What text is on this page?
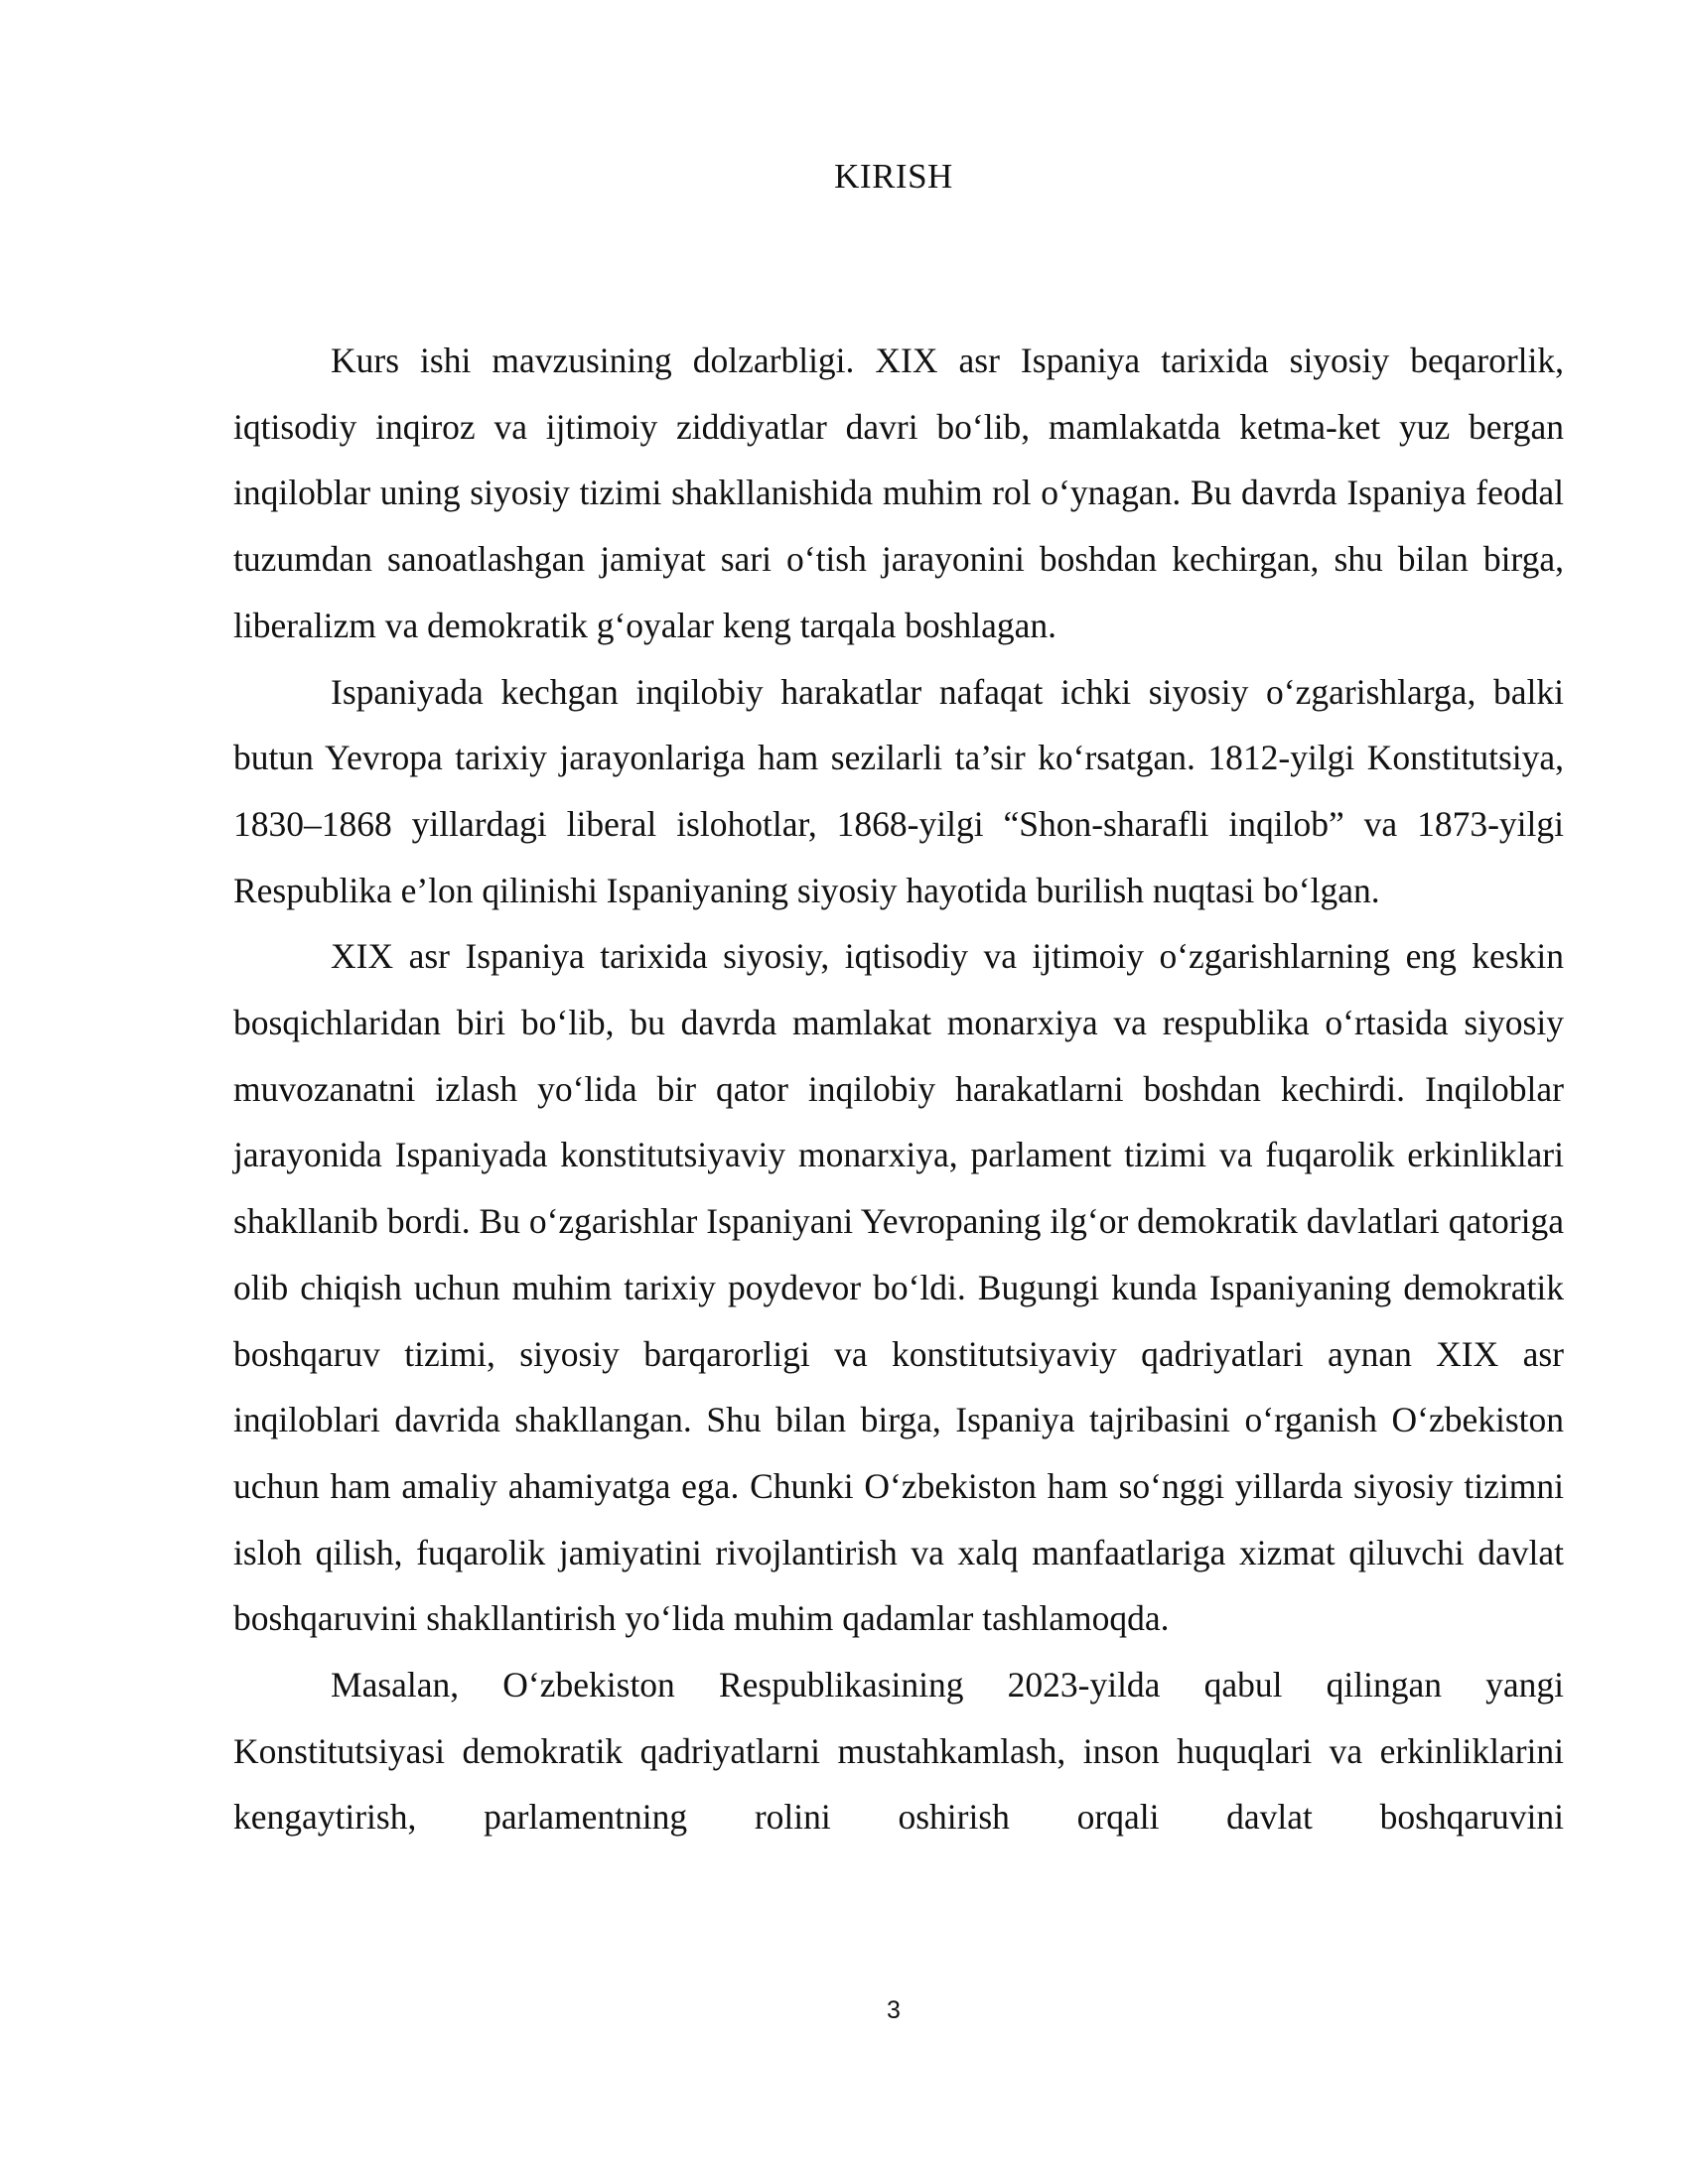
KIRISH

Kurs ishi mavzusining dolzarbligi. XIX asr Ispaniya tarixida siyosiy beqarorlik, iqtisodiy inqiroz va ijtimoiy ziddiyatlar davri bo‘lib, mamlakatda ketma-ket yuz bergan inqiloblar uning siyosiy tizimi shakllanishida muhim rol o‘ynagan. Bu davrda Ispaniya feodal tuzumdan sanoatlashgan jamiyat sari o‘tish jarayonini boshdan kechirgan, shu bilan birga, liberalizm va demokratik g‘oyalar keng tarqala boshlagan.

Ispaniyada kechgan inqilobiy harakatlar nafaqat ichki siyosiy o‘zgarishlarga, balki butun Yevropa tarixiy jarayonlariga ham sezilarli ta’sir ko‘rsatgan. 1812-yilgi Konstitutsiya, 1830–1868 yillardagi liberal islohotlar, 1868-yilgi “Shon-sharafli inqilob” va 1873-yilgi Respublika e’lon qilinishi Ispaniyaning siyosiy hayotida burilish nuqtasi bo‘lgan.

XIX asr Ispaniya tarixida siyosiy, iqtisodiy va ijtimoiy o‘zgarishlarning eng keskin bosqichlaridan biri bo‘lib, bu davrda mamlakat monarxiya va respublika o‘rtasida siyosiy muvozanatni izlash yo‘lida bir qator inqilobiy harakatlarni boshdan kechirdi. Inqiloblar jarayonida Ispaniyada konstitutsiyaviy monarxiya, parlament tizimi va fuqarolik erkinliklari shakllanib bordi. Bu o‘zgarishlar Ispaniyani Yevropaning ilg‘or demokratik davlatlari qatoriga olib chiqish uchun muhim tarixiy poydevor bo‘ldi. Bugungi kunda Ispaniyaning demokratik boshqaruv tizimi, siyosiy barqarorligi va konstitutsiyaviy qadriyatlari aynan XIX asr inqiloblari davrida shakllangan. Shu bilan birga, Ispaniya tajribasini o‘rganish O‘zbekiston uchun ham amaliy ahamiyatga ega. Chunki O‘zbekiston ham so‘nggi yillarda siyosiy tizimni isloh qilish, fuqarolik jamiyatini rivojlantirish va xalq manfaatlariga xizmat qiluvchi davlat boshqaruvini shakllantirish yo‘lida muhim qadamlar tashlamoqda.

Masalan, O‘zbekiston Respublikasining 2023-yilda qabul qilingan yangi Konstitutsiyasi demokratik qadriyatlarni mustahkamlash, inson huquqlari va erkinliklarini kengaytirish, parlamentning rolini oshirish orqali davlat boshqaruvini

3
